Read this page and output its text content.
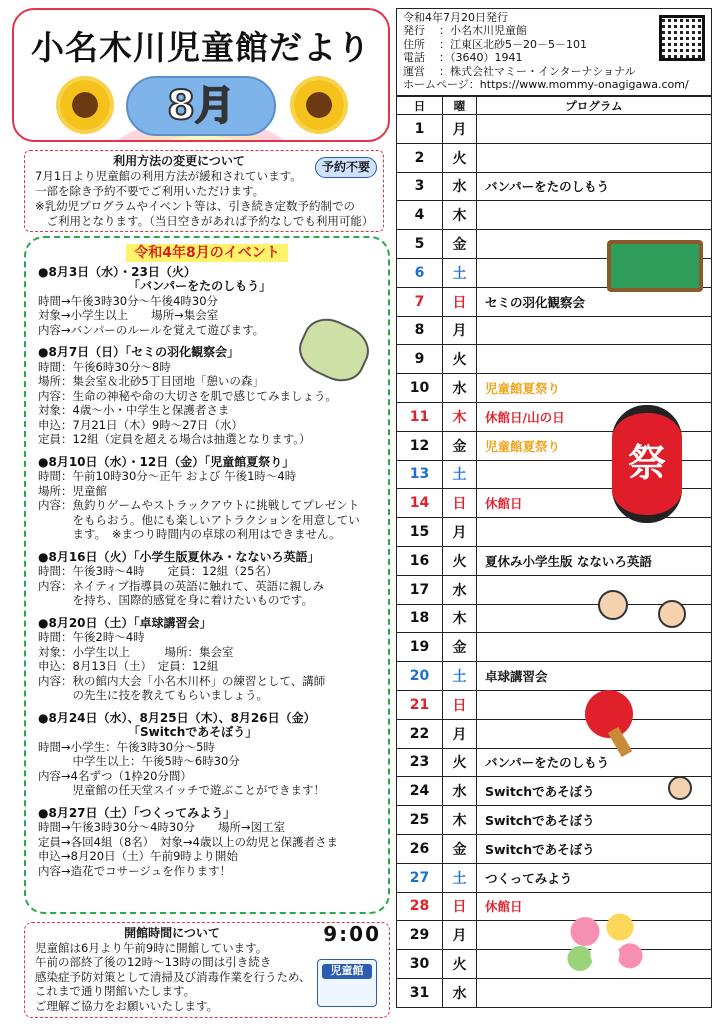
小名木川児童館だより
8月
利用方法の変更について	予約不要

7月1日より児童館の利用方法が緩和されています。
一部を除き予約不要でご利用いただけます。
※乳幼児プログラムやイベント等は、引き続き定数予約制での
　ご利用となります。（当日空きがあれば予約なしでも利用可能）

令和4年8月のイベント
●8月3日（水）・23日（火）
「バンパーをたのしもう」

時間→午後3時30分～午後4時30分
対象→小学生以上　　場所→集会室
内容→バンパーのルールを覚えて遊びます。

●8月7日（日）「セミの羽化観察会」

時間：午後6時30分～8時
場所：集会室＆北砂5丁目団地「憩いの森」
内容：生命の神秘や命の大切さを肌で感じてみましょう。
対象：4歳～小・中学生と保護者さま
申込：7月21日（木）9時～27日（水）
定員：12組（定員を超える場合は抽選となります。）

●8月10日（水）・12日（金）「児童館夏祭り」

時間：午前10時30分～正午 および 午後1時～4時
場所：児童館
内容：魚釣りゲームやストラックアウトに挑戦してプレゼント
　　　をもらおう。他にも楽しいアトラクションを用意してい
　　　ます。　※まつり時間内の卓球の利用はできません。

●8月16日（火）「小学生版夏休み・なないろ英語」

時間：午後3時～4時　　定員：12組（25名）
内容：ネイティブ指導員の英語に触れて、英語に親しみ
　　　を持ち、国際的感覚を身に着けたいものです。

●8月20日（土）「卓球講習会」

時間：午後2時～4時
対象：小学生以上　　　場所：集会室
申込：8月13日（土）　定員：12組
内容：秋の館内大会「小名木川杯」の練習として、講師
　　　の先生に技を教えてもらいましょう。

●8月24日（水）、8月25日（木）、8月26日（金）
「Switchであそぼう」

時間→小学生：午後3時30分～5時
　　　中学生以上：午後5時～6時30分
内容→4名ずつ（1枠20分間）
　　　児童館の任天堂スイッチで遊ぶことができます！

●8月27日（土）「つくってみよう」

時間→午後3時30分～4時30分　　場所→図工室
定員→各回4組（8名）　対象→4歳以上の幼児と保護者さま
申込→8月20日（土）午前9時より開始
内容→造花でコサージュを作ります！

開館時間について	9:00
児童館

児童館は6月より午前9時に開館しています。
午前の部終了後の12時～13時の間は引き続き
感染症予防対策として清掃及び消毒作業を行うため、
これまで通り閉館いたします。
ご理解ご協力をお願いいたします。

令和4年7月20日発行
発行	：小名木川児童館
住所	：江東区北砂5－20－5－101
電話	：（3640）1941
運営	：株式会社マミー・インターナショナル
ホームページ：https://www.mommy-onagigawa.com/
日	曜	プログラム
1	月	
2	火	
3	水	バンパーをたのしもう
4	木	
5	金	
6	土	
7	日	セミの羽化観察会
8	月	
9	火	
10	水	児童館夏祭り
11	木	休館日/山の日
12	金	児童館夏祭り
13	土	
14	日	休館日
15	月	
16	火	夏休み小学生版 なないろ英語
17	水	
18	木	
19	金	
20	土	卓球講習会
21	日	
22	月	
23	火	バンパーをたのしもう
24	水	Switchであそぼう
25	木	Switchであそぼう
26	金	Switchであそぼう
27	土	つくってみよう
28	日	休館日
29	月	
30	火	
31	水	
祭
